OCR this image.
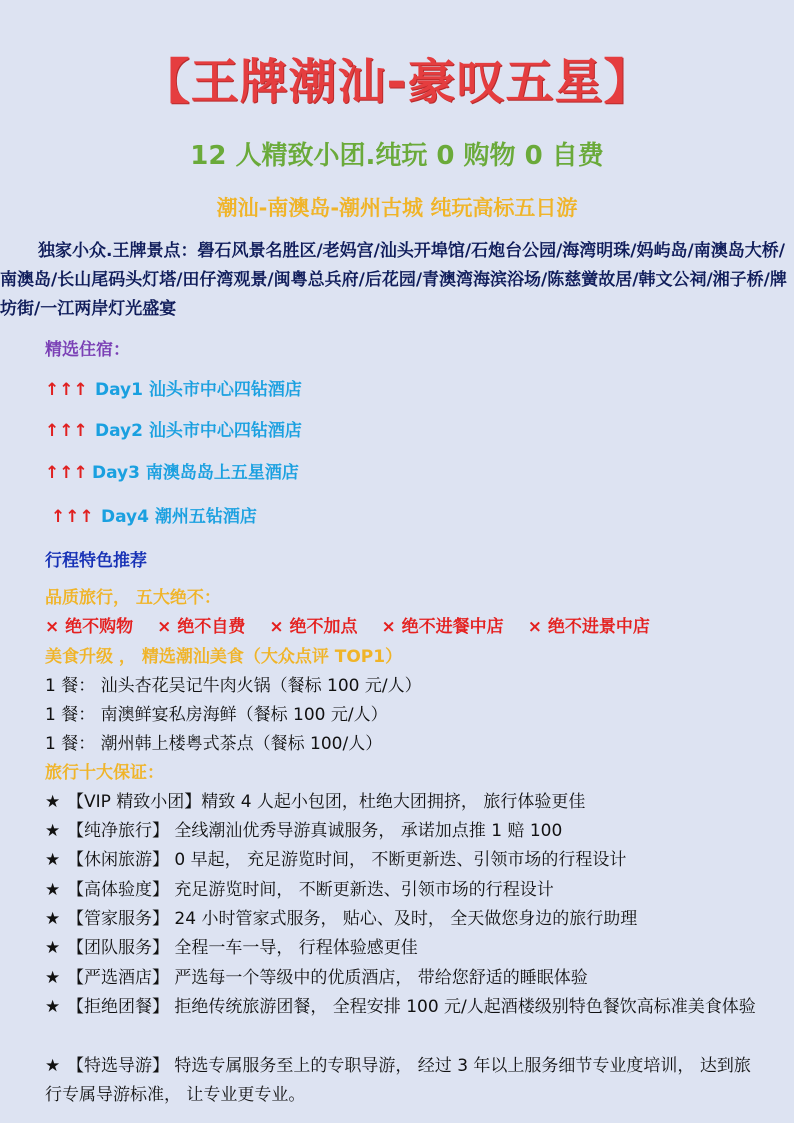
【王牌潮汕-豪叹五星】
12 人精致小团.纯玩 0 购物 0 自费
潮汕-南澳岛-潮州古城 纯玩高标五日游
独家小众.王牌景点：礐石风景名胜区/老妈宫/汕头开埠馆/石炮台公园/海湾明珠/妈屿岛/南澳岛大桥/南澳岛/长山尾码头灯塔/田仔湾观景/闽粤总兵府/后花园/青澳湾海滨浴场/陈慈黉故居/韩文公祠/湘子桥/牌坊街/一江两岸灯光盛宴
精选住宿：
↑↑↑ Day1 汕头市中心四钻酒店
↑↑↑ Day2 汕头市中心四钻酒店
↑↑↑ Day3 南澳岛岛上五星酒店
↑↑↑ Day4 潮州五钻酒店
行程特色推荐
品质旅行， 五大绝不：
× 绝不购物 × 绝不自费 × 绝不加点 × 绝不进餐中店 × 绝不进景中店
美食升级 ， 精选潮汕美食（大众点评 TOP1）
1 餐： 汕头杏花吴记牛肉火锅（餐标 100 元/人）
1 餐： 南澳鲜宴私房海鲜（餐标 100 元/人）
1 餐： 潮州韩上楼粤式茶点（餐标 100/人）
旅行十大保证：
★ 【VIP 精致小团】精致 4 人起小包团，杜绝大团拥挤， 旅行体验更佳
★ 【纯净旅行】 全线潮汕优秀导游真诚服务， 承诺加点推 1 赔 100
★ 【休闲旅游】 0 早起， 充足游览时间， 不断更新迭、引领市场的行程设计
★ 【高体验度】 充足游览时间， 不断更新迭、引领市场的行程设计
★ 【管家服务】 24 小时管家式服务， 贴心、及时， 全天做您身边的旅行助理
★ 【团队服务】 全程一车一导， 行程体验感更佳
★ 【严选酒店】 严选每一个等级中的优质酒店， 带给您舒适的睡眠体验
★ 【拒绝团餐】 拒绝传统旅游团餐， 全程安排 100 元/人起酒楼级别特色餐饮高标准美食体验
★ 【特选导游】 特选专属服务至上的专职导游， 经过 3 年以上服务细节专业度培训， 达到旅行专属导游标准， 让专业更专业。
